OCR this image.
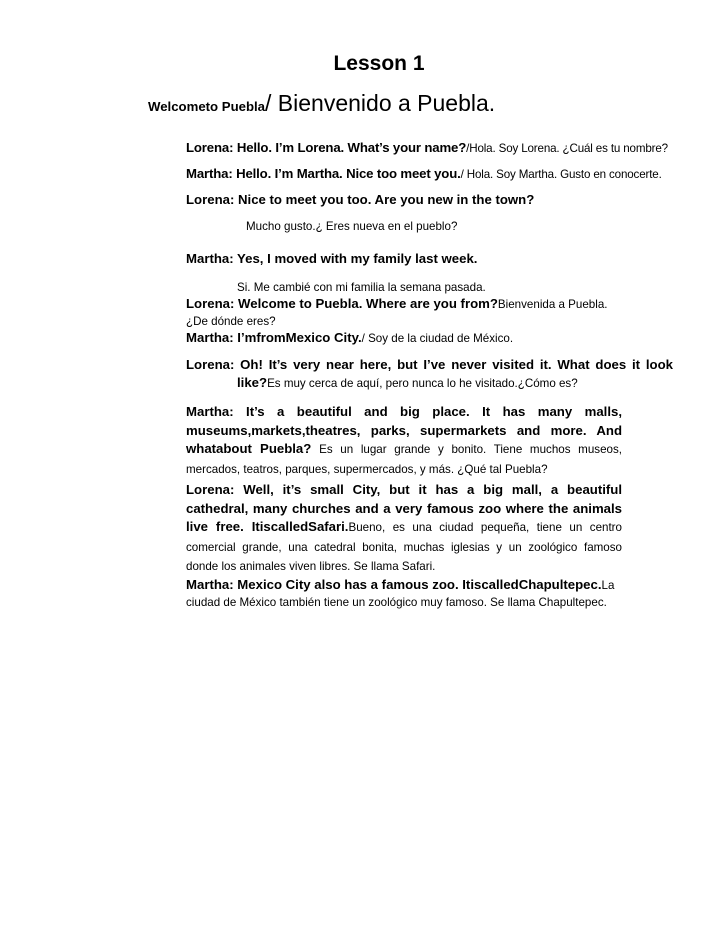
Lesson 1
Welcometo Puebla/ Bienvenido a Puebla.
Lorena: Hello. I’m Lorena. What’s your name?/Hola. Soy Lorena. ¿Cuál es tu nombre?
Martha: Hello. I’m Martha. Nice too meet you./ Hola. Soy Martha. Gusto en conocerte.
Lorena: Nice to meet you too. Are you new in the town?
Mucho gusto.¿ Eres nueva en el pueblo?
Martha: Yes, I moved with my family last week.
Si. Me cambié con mi familia la semana pasada.
Lorena: Welcome to Puebla. Where are you from?Bienvenida a Puebla. ¿De dónde eres?
Martha: I’mfromMexico City./ Soy de la ciudad de México.
Lorena: Oh! It’s very near here, but I’ve never visited it. What does it look like?Es muy cerca de aquí, pero nunca lo he visitado.¿Cómo es?
Martha: It’s a beautiful and big place. It has many malls, museums,markets,theatres, parks, supermarkets and more. And whatabout Puebla? Es un lugar grande y bonito. Tiene muchos museos, mercados, teatros, parques, supermercados, y más. ¿Qué tal Puebla?
Lorena: Well, it’s small City, but it has a big mall, a beautiful cathedral, many churches and a very famous zoo where the animals live free. ItiscalledSafari.Bueno, es una ciudad pequeña, tiene un centro comercial grande, una catedral bonita, muchas iglesias y un zoológico famoso donde los animales viven libres. Se llama Safari.
Martha: Mexico City also has a famous zoo. ItiscalledChapultepec.La ciudad de México también tiene un zoológico muy famoso. Se llama Chapultepec.
